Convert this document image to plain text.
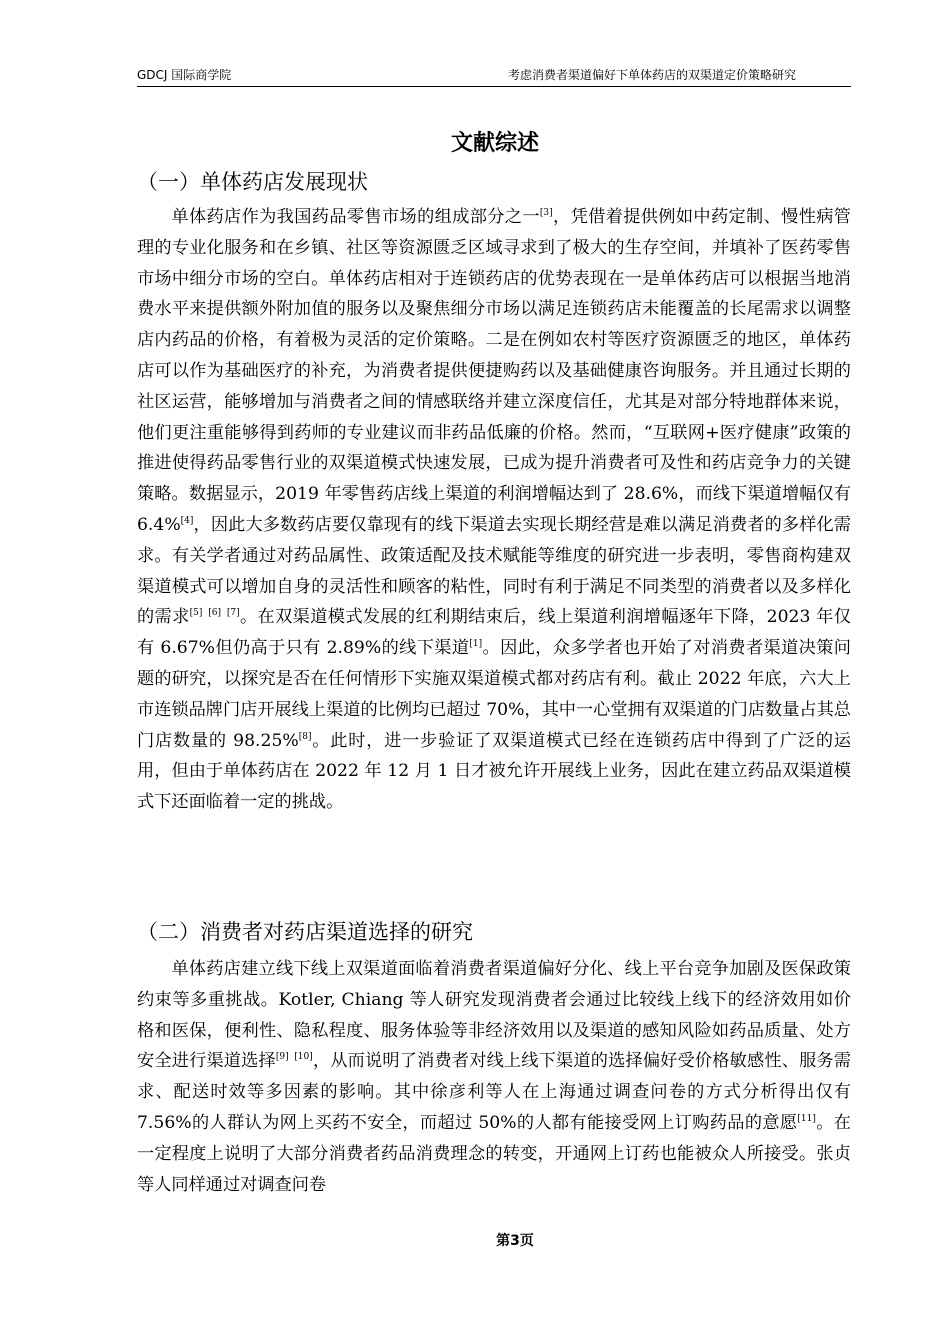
GDCJ 国际商学院	考虑消费者渠道偏好下单体药店的双渠道定价策略研究
文献综述
（一）单体药店发展现状

单体药店作为我国药品零售市场的组成部分之一[3]，凭借着提供例如中药定制、慢性病管理的专业化服务和在乡镇、社区等资源匮乏区域寻求到了极大的生存空间，并填补了医药零售市场中细分市场的空白。单体药店相对于连锁药店的优势表现在一是单体药店可以根据当地消费水平来提供额外附加值的服务以及聚焦细分市场以满足连锁药店未能覆盖的长尾需求以调整店内药品的价格，有着极为灵活的定价策略。二是在例如农村等医疗资源匮乏的地区，单体药店可以作为基础医疗的补充，为消费者提供便捷购药以及基础健康咨询服务。并且通过长期的社区运营，能够增加与消费者之间的情感联络并建立深度信任，尤其是对部分特地群体来说，他们更注重能够得到药师的专业建议而非药品低廉的价格。然而，“互联网+医疗健康”政策的推进使得药品零售行业的双渠道模式快速发展，已成为提升消费者可及性和药店竞争力的关键策略。数据显示，2019 年零售药店线上渠道的利润增幅达到了 28.6%，而线下渠道增幅仅有 6.4%[4]，因此大多数药店要仅靠现有的线下渠道去实现长期经营是难以满足消费者的多样化需求。有关学者通过对药品属性、政策适配及技术赋能等维度的研究进一步表明，零售商构建双渠道模式可以增加自身的灵活性和顾客的粘性，同时有利于满足不同类型的消费者以及多样化的需求[5] [6] [7]。在双渠道模式发展的红利期结束后，线上渠道利润增幅逐年下降，2023 年仅有 6.67%但仍高于只有 2.89%的线下渠道[1]。因此，众多学者也开始了对消费者渠道决策问题的研究，以探究是否在任何情形下实施双渠道模式都对药店有利。截止 2022 年底，六大上市连锁品牌门店开展线上渠道的比例均已超过 70%，其中一心堂拥有双渠道的门店数量占其总门店数量的 98.25%[8]。此时，进一步验证了双渠道模式已经在连锁药店中得到了广泛的运用，但由于单体药店在 2022 年 12 月 1 日才被允许开展线上业务，因此在建立药品双渠道模式下还面临着一定的挑战。

（二）消费者对药店渠道选择的研究

单体药店建立线下线上双渠道面临着消费者渠道偏好分化、线上平台竞争加剧及医保政策约束等多重挑战。Kotler, Chiang 等人研究发现消费者会通过比较线上线下的经济效用如价格和医保，便利性、隐私程度、服务体验等非经济效用以及渠道的感知风险如药品质量、处方安全进行渠道选择[9] [10]，从而说明了消费者对线上线下渠道的选择偏好受价格敏感性、服务需求、配送时效等多因素的影响。其中徐彦利等人在上海通过调查问卷的方式分析得出仅有 7.56%的人群认为网上买药不安全，而超过 50%的人都有能接受网上订购药品的意愿[11]。在一定程度上说明了大部分消费者药品消费理念的转变，开通网上订药也能被众人所接受。张贞等人同样通过对调查问卷

第3页
